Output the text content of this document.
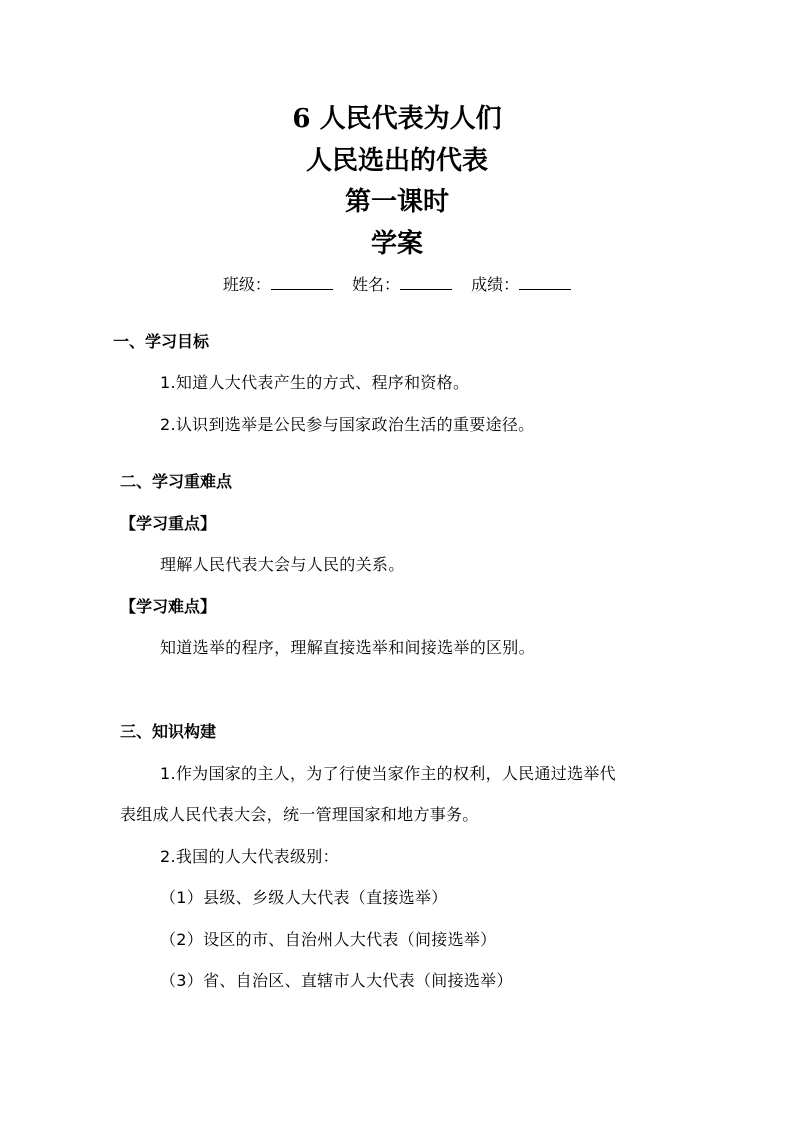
6 人民代表为人们
人民选出的代表
第一课时
学案
班级：	姓名：	成绩：
一、学习目标
1.知道人大代表产生的方式、程序和资格。
2.认识到选举是公民参与国家政治生活的重要途径。
二、学习重难点
【学习重点】
理解人民代表大会与人民的关系。
【学习难点】
知道选举的程序，理解直接选举和间接选举的区别。
三、知识构建
1.作为国家的主人，为了行使当家作主的权利，人民通过选举代
表组成人民代表大会，统一管理国家和地方事务。
2.我国的人大代表级别：
（1）县级、乡级人大代表（直接选举）
（2）设区的市、自治州人大代表（间接选举）
（3）省、自治区、直辖市人大代表（间接选举）
